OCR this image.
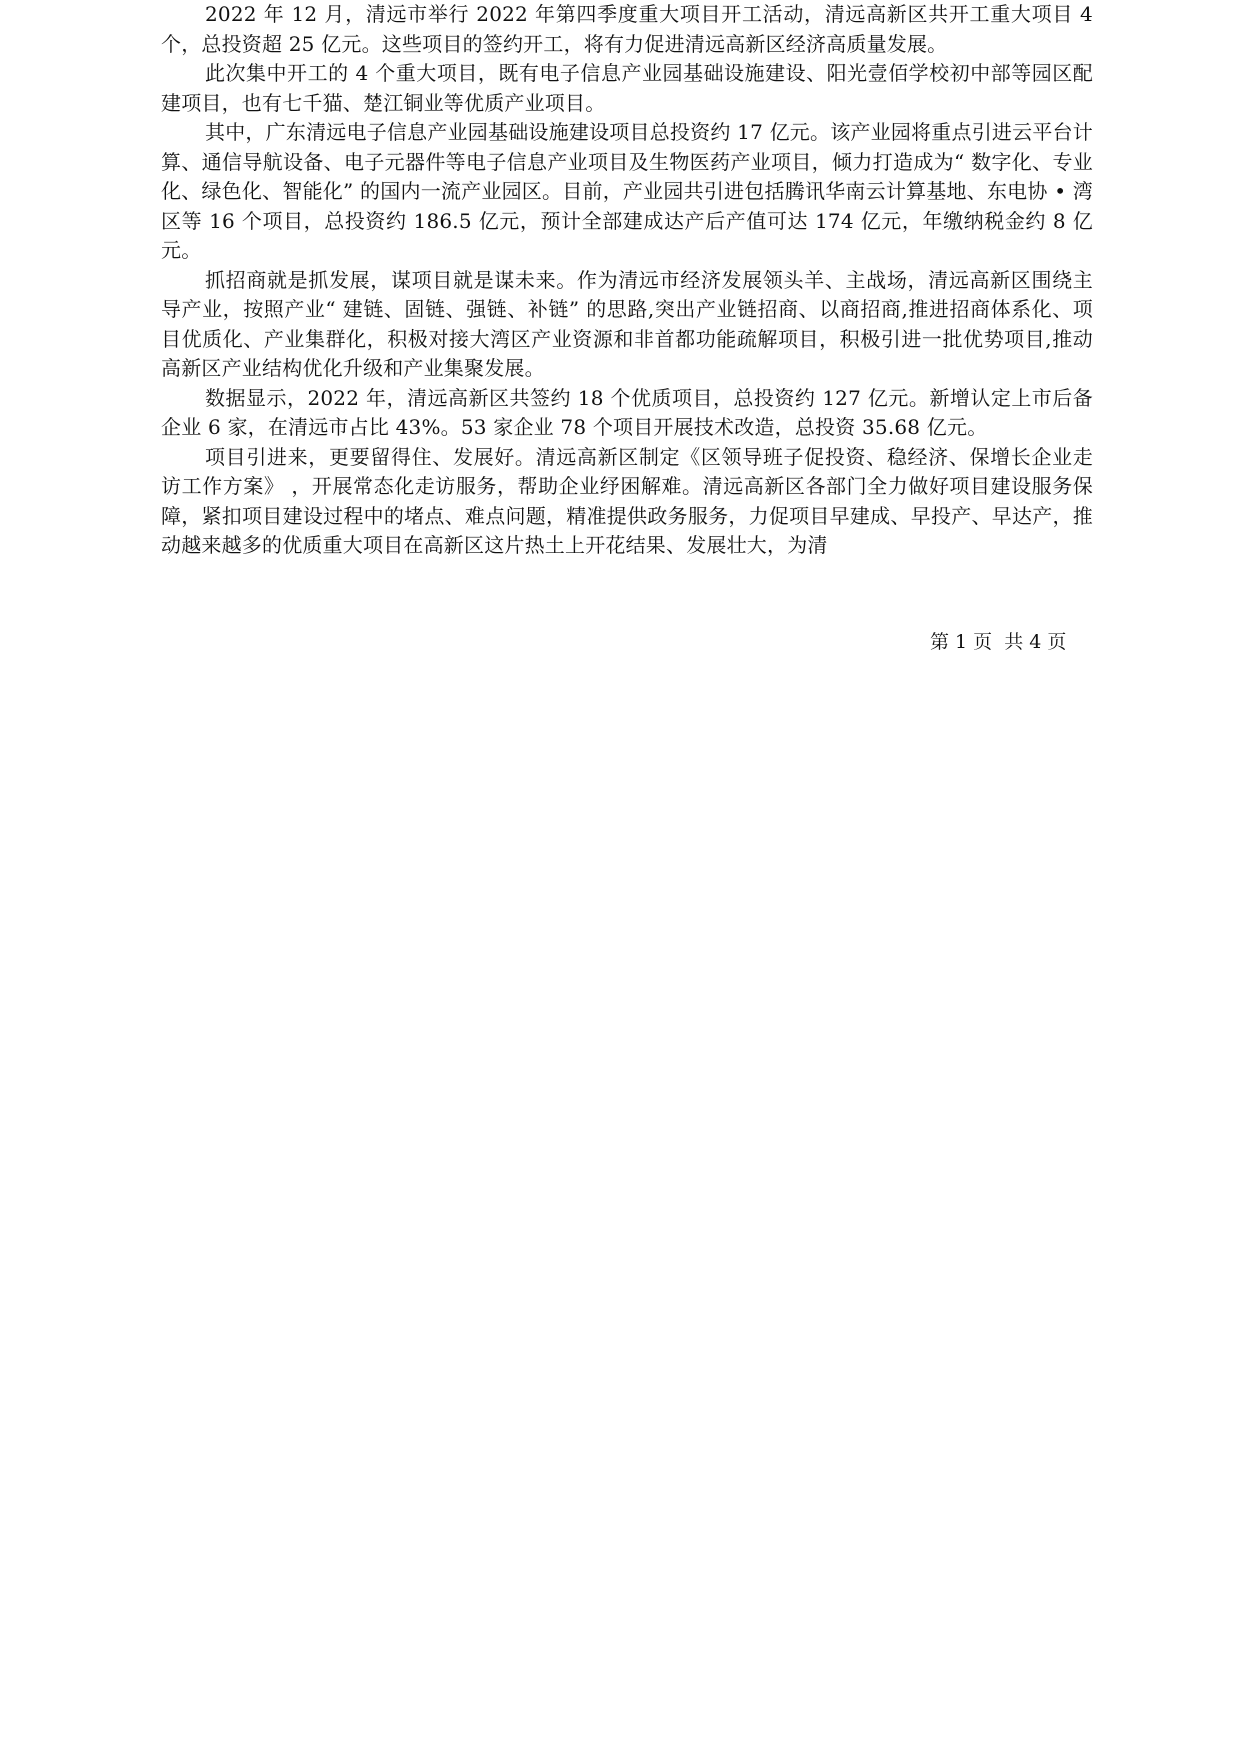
2022 年 12 月，清远市举行 2022 年第四季度重大项目开工活动，清远高新区共开工重大项目 4 个，总投资超 25 亿元。这些项目的签约开工，将有力促进清远高新区经济高质量发展。

此次集中开工的 4 个重大项目，既有电子信息产业园基础设施建设、阳光壹佰学校初中部等园区配建项目，也有七千猫、楚江铜业等优质产业项目。

其中，广东清远电子信息产业园基础设施建设项目总投资约 17 亿元。该产业园将重点引进云平台计算、通信导航设备、电子元器件等电子信息产业项目及生物医药产业项目，倾力打造成为“ 数字化、专业化、绿色化、智能化” 的国内一流产业园区。目前，产业园共引进包括腾讯华南云计算基地、东电协 • 湾区等 16 个项目，总投资约 186.5 亿元，预计全部建成达产后产值可达 174 亿元，年缴纳税金约 8 亿元。

抓招商就是抓发展，谋项目就是谋未来。作为清远市经济发展领头羊、主战场，清远高新区围绕主导产业，按照产业“ 建链、固链、强链、补链” 的思路,突出产业链招商、以商招商,推进招商体系化、项目优质化、产业集群化，积极对接大湾区产业资源和非首都功能疏解项目，积极引进一批优势项目,推动高新区产业结构优化升级和产业集聚发展。

数据显示，2022 年，清远高新区共签约 18 个优质项目，总投资约 127 亿元。新增认定上市后备企业 6 家，在清远市占比 43%。53 家企业 78 个项目开展技术改造，总投资 35.68 亿元。

项目引进来，更要留得住、发展好。清远高新区制定《区领导班子促投资、稳经济、保增长企业走访工作方案》 ，开展常态化走访服务，帮助企业纾困解难。清远高新区各部门全力做好项目建设服务保障，紧扣项目建设过程中的堵点、难点问题，精准提供政务服务，力促项目早建成、早投产、早达产，推动越来越多的优质重大项目在高新区这片热土上开花结果、发展壮大，为清

第 1 页  共 4 页
